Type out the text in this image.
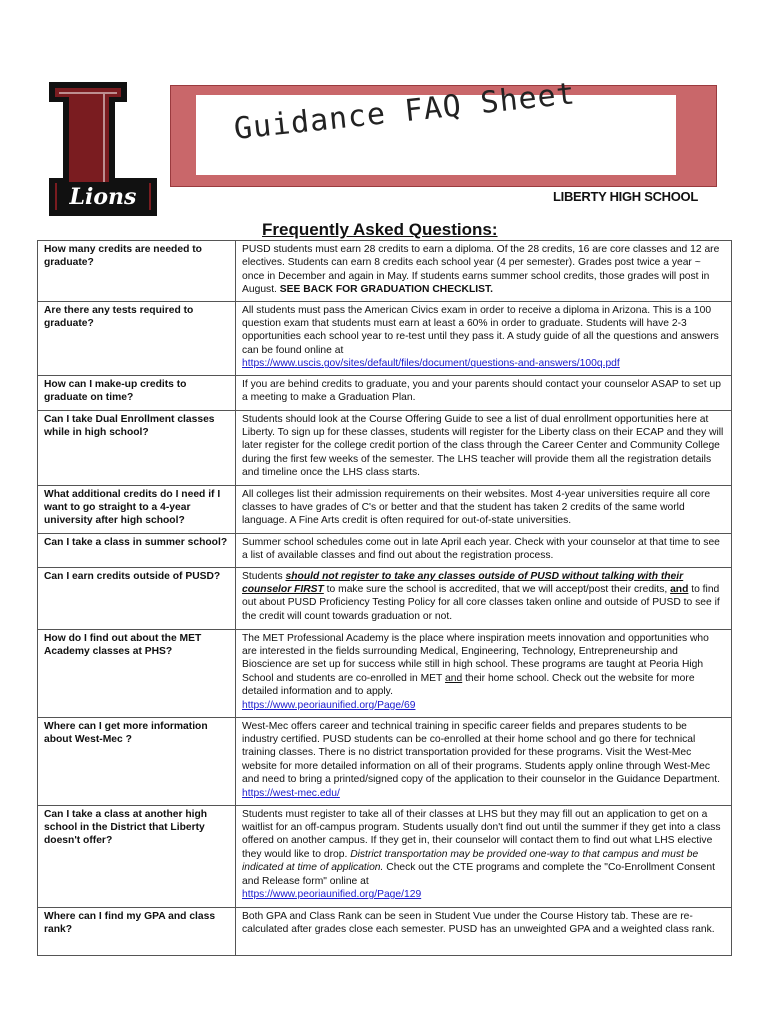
Lions
Guidance FAQ Sheet
LIBERTY HIGH SCHOOL
Frequently Asked Questions:
How many credits are needed to graduate?	PUSD students must earn 28 credits to earn a diploma. Of the 28 credits, 16 are core classes and 12 are electives. Students can earn 8 credits each school year (4 per semester). Grades post twice a year ~ once in December and again in May. If students earns summer school credits, those grades will post in August. SEE BACK FOR GRADUATION CHECKLIST.
Are there any tests required to graduate?	All students must pass the American Civics exam in order to receive a diploma in Arizona. This is a 100 question exam that students must earn at least a 60% in order to graduate. Students will have 2-3 opportunities each school year to re-test until they pass it. A study guide of all the questions and answers can be found online at
https://www.uscis.gov/sites/default/files/document/questions-and-answers/100q.pdf
How can I make-up credits to graduate on time?	If you are behind credits to graduate, you and your parents should contact your counselor ASAP to set up a meeting to make a Graduation Plan.
Can I take Dual Enrollment classes while in high school?	Students should look at the Course Offering Guide to see a list of dual enrollment opportunities here at Liberty. To sign up for these classes, students will register for the Liberty class on their ECAP and they will later register for the college credit portion of the class through the Career Center and Community College during the first few weeks of the semester. The LHS teacher will provide them all the registration details and timeline once the LHS class starts.
What additional credits do I need if I want to go straight to a 4-year university after high school?	All colleges list their admission requirements on their websites. Most 4-year universities require all core classes to have grades of C's or better and that the student has taken 2 credits of the same world language. A Fine Arts credit is often required for out-of-state universities.
Can I take a class in summer school?	Summer school schedules come out in late April each year. Check with your counselor at that time to see a list of available classes and find out about the registration process.
Can I earn credits outside of PUSD?	Students should not register to take any classes outside of PUSD without talking with their counselor FIRST to make sure the school is accredited, that we will accept/post their credits, and to find out about PUSD Proficiency Testing Policy for all core classes taken online and outside of PUSD to see if the credit will count towards graduation or not.
How do I find out about the MET Academy classes at PHS?	The MET Professional Academy is the place where inspiration meets innovation and opportunities who are interested in the fields surrounding Medical, Engineering, Technology, Entrepreneurship and Bioscience are set up for success while still in high school. These programs are taught at Peoria High School and students are co-enrolled in MET and their home school. Check out the website for more detailed information and to apply.
https://www.peoriaunified.org/Page/69
Where can I get more information about West-Mec ?	West-Mec offers career and technical training in specific career fields and prepares students to be industry certified. PUSD students can be co-enrolled at their home school and go there for technical training classes. There is no district transportation provided for these programs. Visit the West-Mec website for more detailed information on all of their programs. Students apply online through West-Mec and need to bring a printed/signed copy of the application to their counselor in the Guidance Department. https://west-mec.edu/
Can I take a class at another high school in the District that Liberty doesn't offer?	Students must register to take all of their classes at LHS but they may fill out an application to get on a waitlist for an off-campus program. Students usually don't find out until the summer if they get into a class offered on another campus. If they get in, their counselor will contact them to find out what LHS elective they would like to drop. District transportation may be provided one-way to that campus and must be indicated at time of application. Check out the CTE programs and complete the "Co-Enrollment Consent and Release form" online at
https://www.peoriaunified.org/Page/129
Where can I find my GPA and class rank?	Both GPA and Class Rank can be seen in Student Vue under the Course History tab. These are re-calculated after grades close each semester. PUSD has an unweighted GPA and a weighted class rank.
